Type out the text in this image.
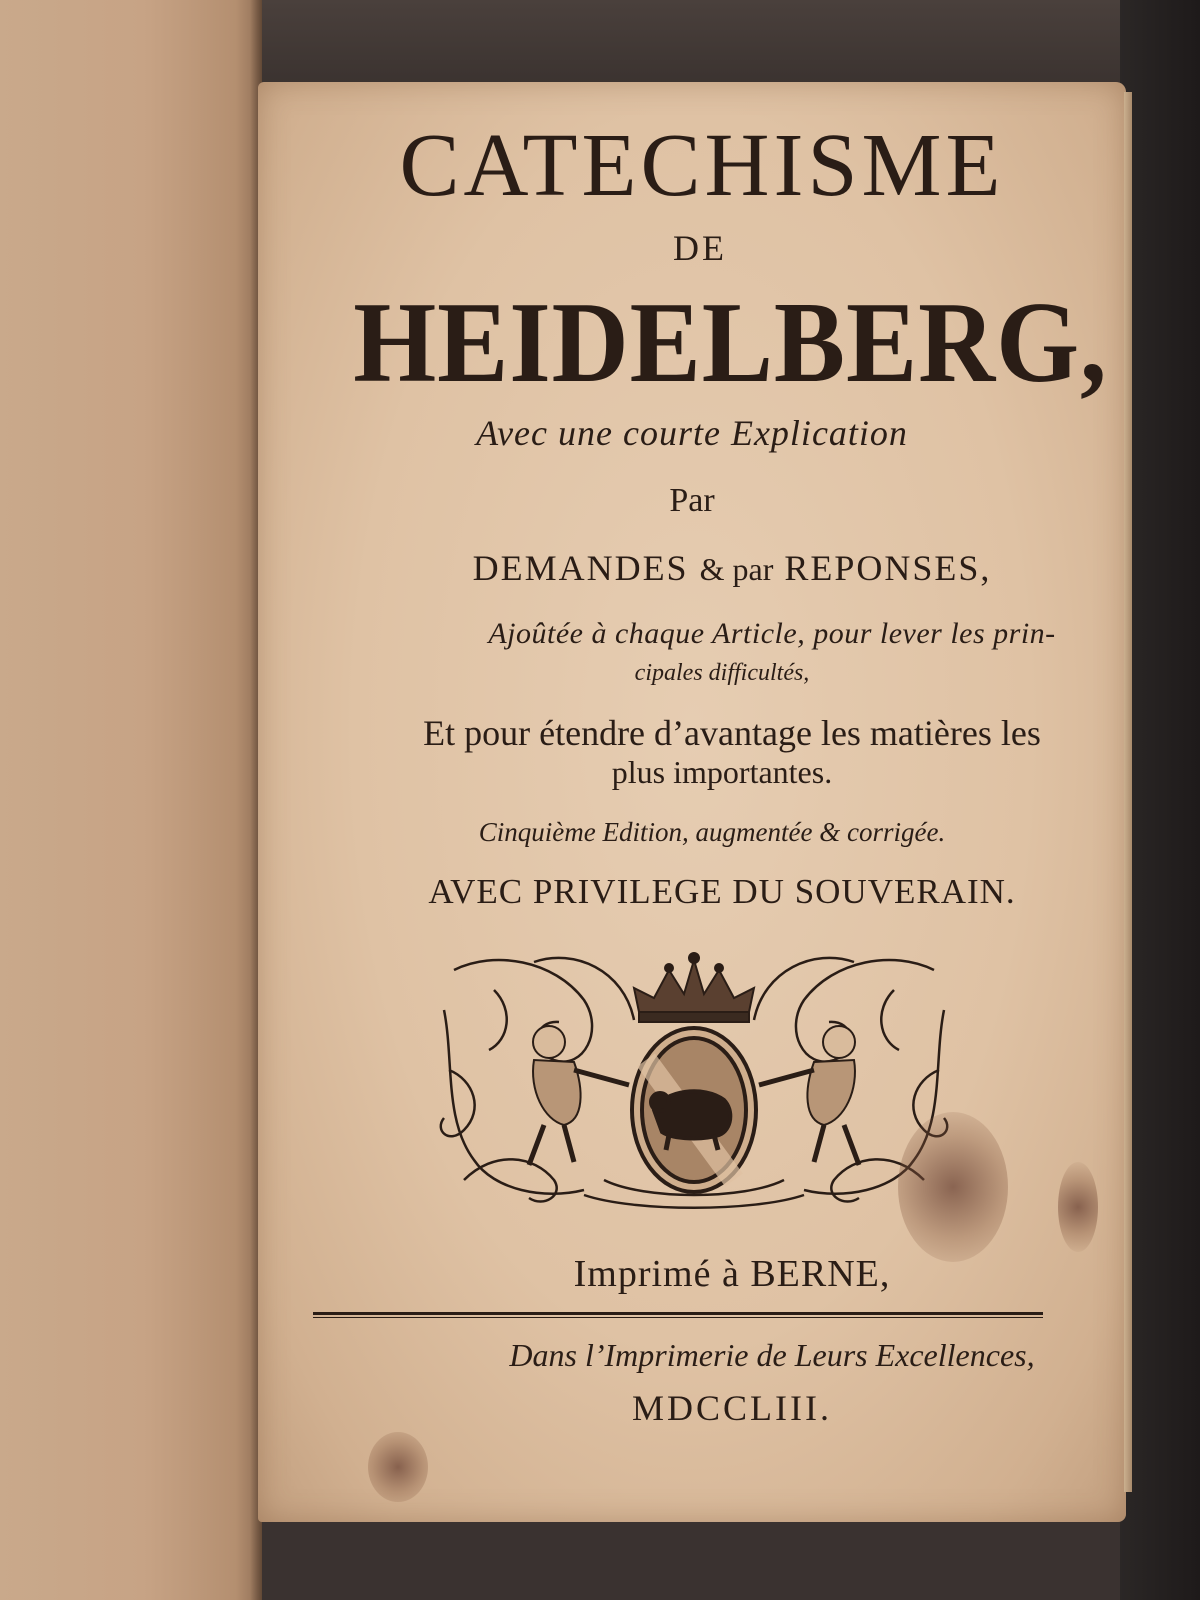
CATECHISME
DE
HEIDELBERG,
Avec une courte Explication
Par
DEMANDES & par REPONSES,
Ajoûtée à chaque Article, pour lever les prin-
cipales difficultés,
Et pour étendre d’avantage les matières les
plus importantes.
Cinquième Edition, augmentée & corrigée.
AVEC PRIVILEGE DU SOUVERAIN.
Imprimé à BERNE,
Dans l’Imprimerie de Leurs Excellences,
MDCCLIII.
